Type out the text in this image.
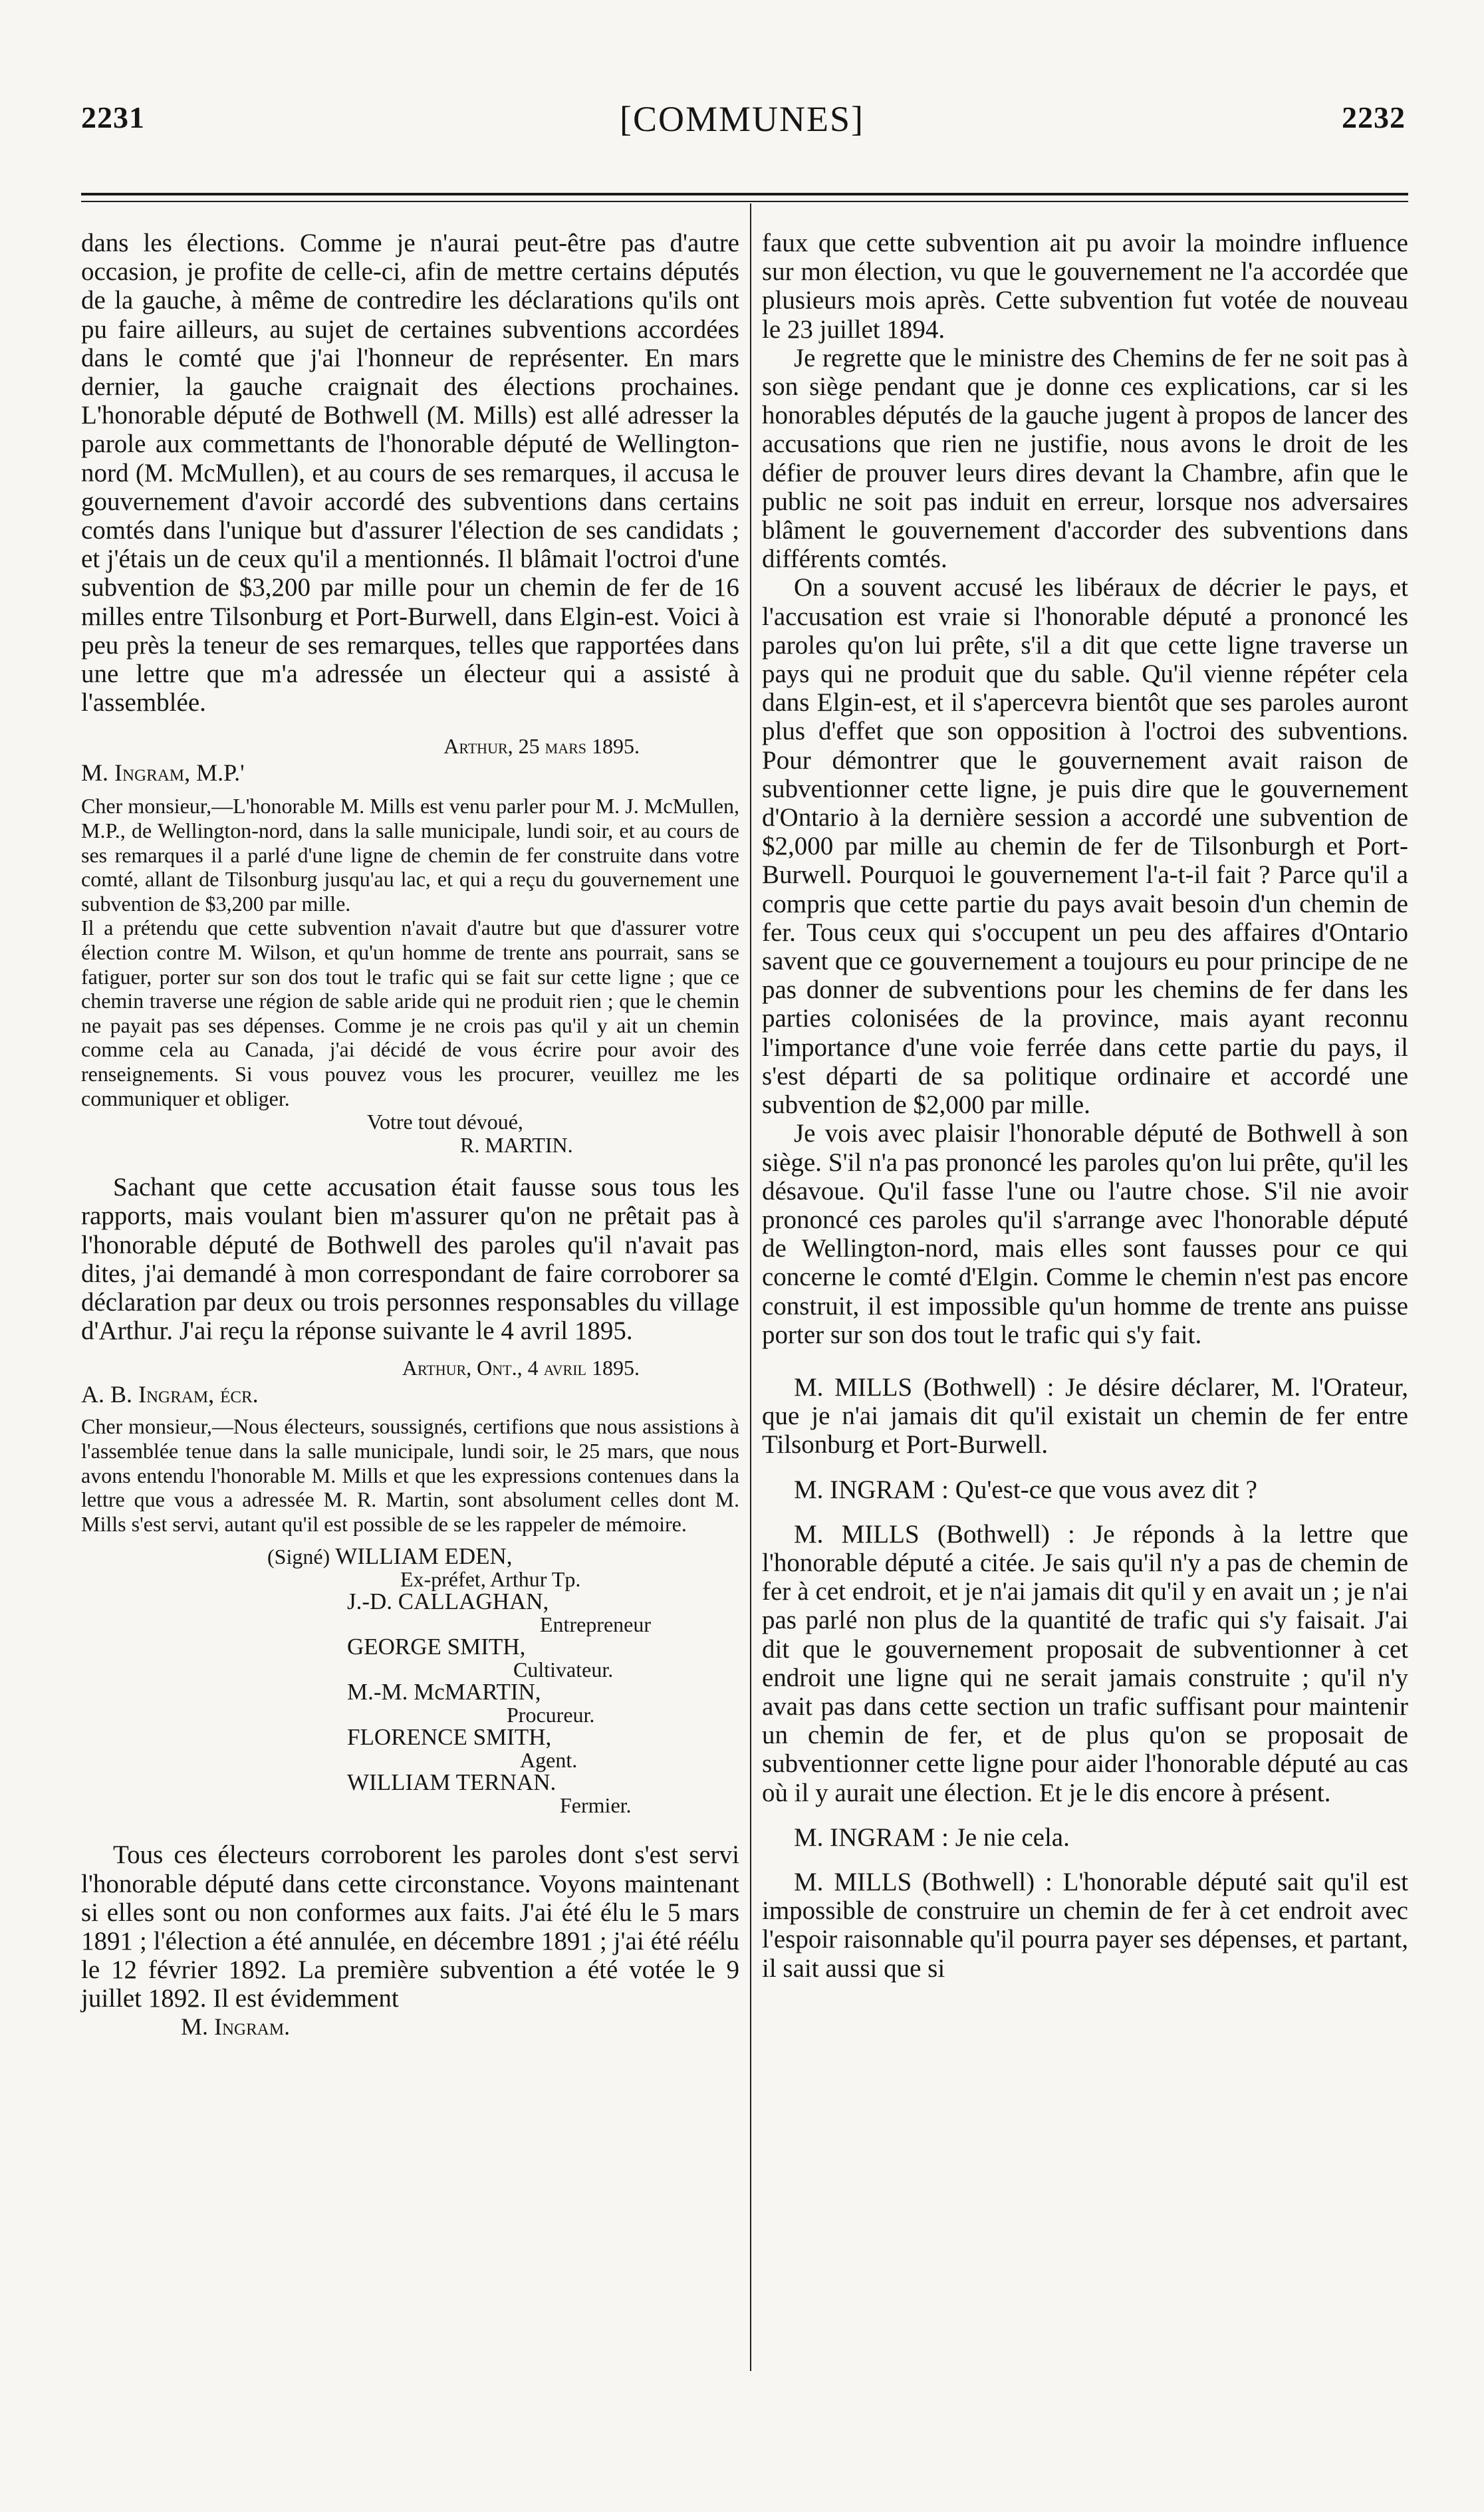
2231	[COMMUNES]	2232

dans les élections. Comme je n'aurai peut-être pas d'autre occasion, je profite de celle-ci, afin de mettre certains députés de la gauche, à même de contredire les déclarations qu'ils ont pu faire ailleurs, au sujet de certaines subventions accordées dans le comté que j'ai l'honneur de représenter. En mars dernier, la gauche craignait des élections prochaines. L'honorable député de Bothwell (M. Mills) est allé adresser la parole aux commettants de l'honorable député de Wellington-nord (M. McMullen), et au cours de ses remarques, il accusa le gouvernement d'avoir accordé des subventions dans certains comtés dans l'unique but d'assurer l'élection de ses candidats ; et j'étais un de ceux qu'il a mentionnés. Il blâmait l'octroi d'une subvention de $3,200 par mille pour un chemin de fer de 16 milles entre Tilsonburg et Port-Burwell, dans Elgin-est. Voici à peu près la teneur de ses remarques, telles que rapportées dans une lettre que m'a adressée un électeur qui a assisté à l'assemblée.

Arthur, 25 mars 1895.
M. Ingram, M.P.'

Cher monsieur,—L'honorable M. Mills est venu parler pour M. J. McMullen, M.P., de Wellington-nord, dans la salle municipale, lundi soir, et au cours de ses remarques il a parlé d'une ligne de chemin de fer construite dans votre comté, allant de Tilsonburg jusqu'au lac, et qui a reçu du gouvernement une subvention de $3,200 par mille.

Il a prétendu que cette subvention n'avait d'autre but que d'assurer votre élection contre M. Wilson, et qu'un homme de trente ans pourrait, sans se fatiguer, porter sur son dos tout le trafic qui se fait sur cette ligne ; que ce chemin traverse une région de sable aride qui ne produit rien ; que le chemin ne payait pas ses dépenses. Comme je ne crois pas qu'il y ait un chemin comme cela au Canada, j'ai décidé de vous écrire pour avoir des renseignements. Si vous pouvez vous les procurer, veuillez me les communiquer et obliger.

Votre tout dévoué,
R. MARTIN.

Sachant que cette accusation était fausse sous tous les rapports, mais voulant bien m'assurer qu'on ne prêtait pas à l'honorable député de Bothwell des paroles qu'il n'avait pas dites, j'ai demandé à mon correspondant de faire corroborer sa déclaration par deux ou trois personnes responsables du village d'Arthur. J'ai reçu la réponse suivante le 4 avril 1895.

Arthur, Ont., 4 avril 1895.
A. B. Ingram, écr.

Cher monsieur,—Nous électeurs, soussignés, certifions que nous assistions à l'assemblée tenue dans la salle municipale, lundi soir, le 25 mars, que nous avons entendu l'honorable M. Mills et que les expressions contenues dans la lettre que vous a adressée M. R. Martin, sont absolument celles dont M. Mills s'est servi, autant qu'il est possible de se les rappeler de mémoire.

(Signé) WILLIAM EDEN,
Ex-préfet, Arthur Tp.
J.-D. CALLAGHAN,
Entrepreneur
GEORGE SMITH,
Cultivateur.
M.-M. McMARTIN,
Procureur.
FLORENCE SMITH,
Agent.
WILLIAM TERNAN.
Fermier.

Tous ces électeurs corroborent les paroles dont s'est servi l'honorable député dans cette circonstance. Voyons maintenant si elles sont ou non conformes aux faits. J'ai été élu le 5 mars 1891 ; l'élection a été annulée, en décembre 1891 ; j'ai été réélu le 12 février 1892. La première subvention a été votée le 9 juillet 1892. Il est évidemment

M. Ingram.

faux que cette subvention ait pu avoir la moindre influence sur mon élection, vu que le gouvernement ne l'a accordée que plusieurs mois après. Cette subvention fut votée de nouveau le 23 juillet 1894.

Je regrette que le ministre des Chemins de fer ne soit pas à son siège pendant que je donne ces explications, car si les honorables députés de la gauche jugent à propos de lancer des accusations que rien ne justifie, nous avons le droit de les défier de prouver leurs dires devant la Chambre, afin que le public ne soit pas induit en erreur, lorsque nos adversaires blâment le gouvernement d'accorder des subventions dans différents comtés.

On a souvent accusé les libéraux de décrier le pays, et l'accusation est vraie si l'honorable député a prononcé les paroles qu'on lui prête, s'il a dit que cette ligne traverse un pays qui ne produit que du sable. Qu'il vienne répéter cela dans Elgin-est, et il s'apercevra bientôt que ses paroles auront plus d'effet que son opposition à l'octroi des subventions. Pour démontrer que le gouvernement avait raison de subventionner cette ligne, je puis dire que le gouvernement d'Ontario à la dernière session a accordé une subvention de $2,000 par mille au chemin de fer de Tilsonburgh et Port-Burwell. Pourquoi le gouvernement l'a-t-il fait ? Parce qu'il a compris que cette partie du pays avait besoin d'un chemin de fer. Tous ceux qui s'occupent un peu des affaires d'Ontario savent que ce gouvernement a toujours eu pour principe de ne pas donner de subventions pour les chemins de fer dans les parties colonisées de la province, mais ayant reconnu l'importance d'une voie ferrée dans cette partie du pays, il s'est départi de sa politique ordinaire et accordé une subvention de $2,000 par mille.

Je vois avec plaisir l'honorable député de Bothwell à son siège. S'il n'a pas prononcé les paroles qu'on lui prête, qu'il les désavoue. Qu'il fasse l'une ou l'autre chose. S'il nie avoir prononcé ces paroles qu'il s'arrange avec l'honorable député de Wellington-nord, mais elles sont fausses pour ce qui concerne le comté d'Elgin. Comme le chemin n'est pas encore construit, il est impossible qu'un homme de trente ans puisse porter sur son dos tout le trafic qui s'y fait.

M. MILLS (Bothwell) : Je désire déclarer, M. l'Orateur, que je n'ai jamais dit qu'il existait un chemin de fer entre Tilsonburg et Port-Burwell.

M. INGRAM : Qu'est-ce que vous avez dit ?

M. MILLS (Bothwell) : Je réponds à la lettre que l'honorable député a citée. Je sais qu'il n'y a pas de chemin de fer à cet endroit, et je n'ai jamais dit qu'il y en avait un ; je n'ai pas parlé non plus de la quantité de trafic qui s'y faisait. J'ai dit que le gouvernement proposait de subventionner à cet endroit une ligne qui ne serait jamais construite ; qu'il n'y avait pas dans cette section un trafic suffisant pour maintenir un chemin de fer, et de plus qu'on se proposait de subventionner cette ligne pour aider l'honorable député au cas où il y aurait une élection. Et je le dis encore à présent.

M. INGRAM : Je nie cela.

M. MILLS (Bothwell) : L'honorable député sait qu'il est impossible de construire un chemin de fer à cet endroit avec l'espoir raisonnable qu'il pourra payer ses dépenses, et partant, il sait aussi que si
